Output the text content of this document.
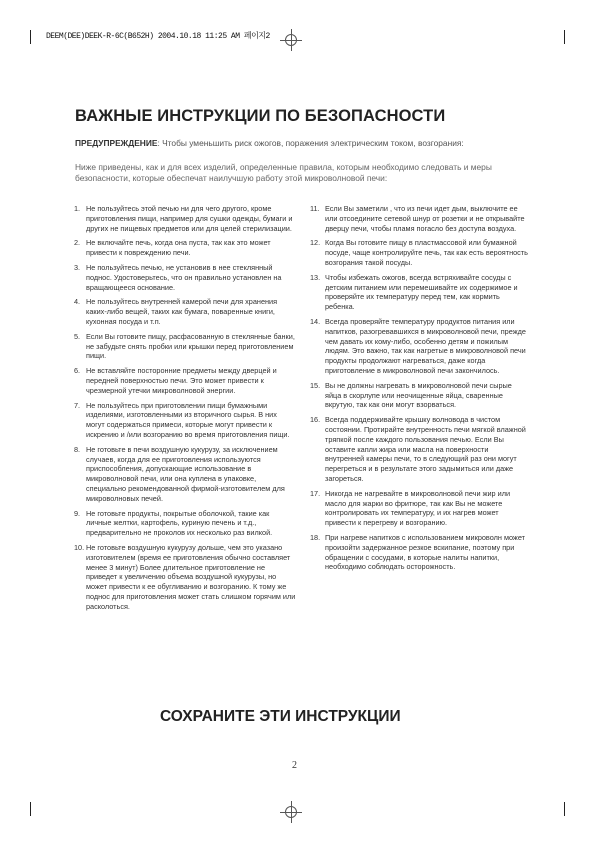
DEEM(DEE)DEEK-R-6C(B652H) 2004.10.18 11:25 AM 페이지2
ВАЖНЫЕ ИНСТРУКЦИИ ПО БЕЗОПАСНОСТИ

ПРЕДУПРЕЖДЕНИЕ: Чтобы уменьшить риск ожогов, поражения электрическим током, возгорания:

Ниже приведены, как и для всех изделий, определенные правила, которым необходимо следовать и меры безопасности, которые обеспечат наилучшую работу этой микроволновой печи:

1. Не пользуйтесь этой печью ни для чего другого, кроме приготовления пищи, например для сушки одежды, бумаги и других не пищевых предметов или для целей стерилизации.
2. Не включайте печь, когда она пуста, так как это может привести к повреждению печи.
3. Не пользуйтесь печью, не установив в нее стеклянный поднос. Удостоверьтесь, что он правильно установлен на вращающееся основание.
4. Не пользуйтесь внутренней камерой печи для хранения каких-либо вещей, таких как бумага, поваренные книги, кухонная посуда и т.п.
5. Если Вы готовите пищу, расфасованную в стеклянные банки, не забудьте снять пробки или крышки перед приготовлением пищи.
6. Не вставляйте посторонние предметы между дверцей и передней поверхностью печи. Это может привести к чрезмерной утечки микроволновой энергии.
7. Не пользуйтесь при приготовлении пищи бумажными изделиями, изготовленными из вторичного сырья. В них могут содержаться примеси, которые могут привести к искрению и /или возгоранию во время приготовления пищи.
8. Не готовьте в печи воздушную кукурузу, за исключением случаев, когда для ее приготовления используются приспособления, допускающие использование в микроволновой печи, или она куплена в упаковке, специально рекомендованной фирмой-изготовителем для микроволновых печей.
9. Не готовьте продукты, покрытые оболочкой, такие как личные желтки, картофель, куриную печень и т.д., предварительно не проколов их несколько раз вилкой.
10. Не готовьте воздушную кукурузу дольше, чем это указано изготовителем (время ее приготовления обычно составляет менее 3 минут) Более длительное приготовление не приведет к увеличению объема воздушной кукурузы, но может привести к ее обугливанию и возгоранию. К тому же поднос для приготовления может стать слишком горячим или расколоться.
11. Если Вы заметили , что из печи идет дым, выключите ее или отсоедините сетевой шнур от розетки и не открывайте дверцу печи, чтобы пламя погасло без доступа воздуха.
12. Когда Вы готовите пищу в пластмассовой или бумажной посуде, чаще контролируйте печь, так как есть вероятность возгорания такой посуды.
13. Чтобы избежать ожогов, всегда встряхивайте сосуды с детским питанием или перемешивайте их содержимое и проверяйте их температуру перед тем, как кормить ребенка.
14. Всегда проверяйте температуру продуктов питания или напитков, разогревавшихся в микроволновой печи, прежде чем давать их кому-либо, особенно детям и пожилым людям. Это важно, так как нагретые в микроволновой печи продукты продолжают нагреваться, даже когда приготовление в микроволновой печи закончилось.
15. Вы не должны нагревать в микроволновой печи сырые яйца в скорлупе или неочищенные яйца, сваренные вкрутую, так как они могут взорваться.
16. Всегда поддерживайте крышку волновода в чистом состоянии. Протирайте внутренность печи мягкой влажной тряпкой после каждого пользования печью. Если Вы оставите капли жира или масла на поверхности внутренней камеры печи, то в следующий раз они могут перегреться и в результате этого задымиться или даже загореться.
17. Никогда не нагревайте в микроволновой печи жир или масло для жарки во фритюре, так как Вы не можете контролировать их температуру, и их нагрев может привести к перегреву и возгоранию.
18. При нагреве напитков с использованием микроволн может произойти задержанное резкое вскипание, поэтому при обращении с сосудами, в которые налиты напитки, необходимо соблюдать осторожность.
СОХРАНИТЕ ЭТИ ИНСТРУКЦИИ
2
